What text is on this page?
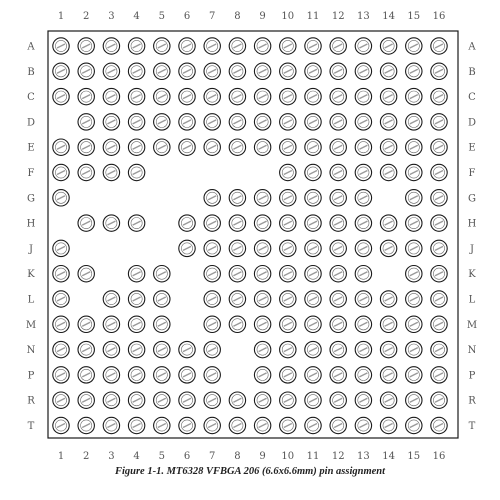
1 2 3 4 5 6 7 8 9 10 11 12 13 14 15 16
1 2 3 4 5 6 7 8 9 10 11 12 13 14 15 16
A
B
C
D
E
F
G
H
J
K
L
M
N
P
R
T
A
B
C
D
E
F
G
H
J
K
L
M
N
P
R
T
Figure 1-1. MT6328 VFBGA 206 (6.6x6.6mm) pin assignment
